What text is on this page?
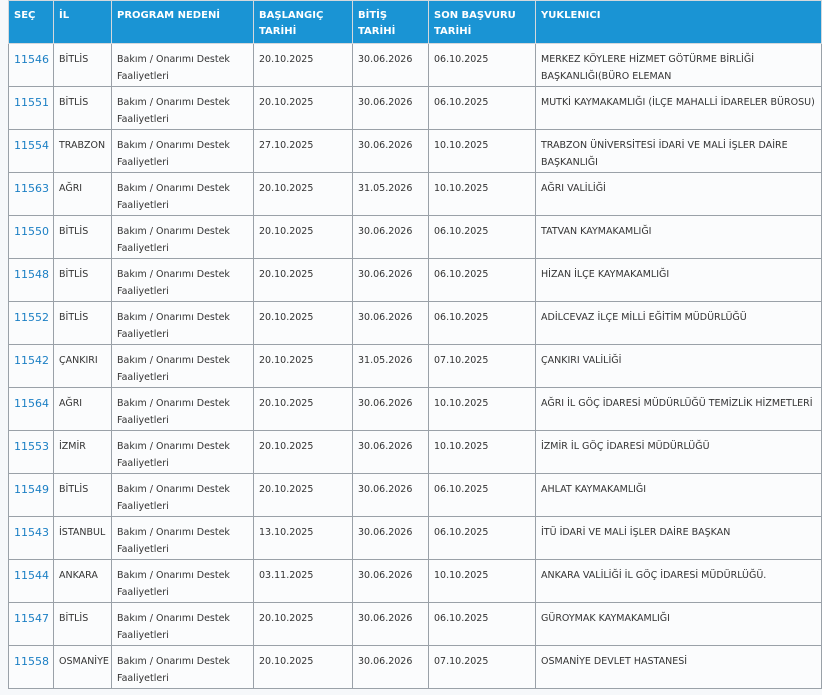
SEÇ	İL	PROGRAM NEDENİ	BAŞLANGIÇ TARİHİ	BİTİŞ TARİHİ	SON BAŞVURU TARİHİ	YUKLENICI
11546	BİTLİS	Bakım / Onarımı Destek Faaliyetleri	20.10.2025	30.06.2026	06.10.2025	MERKEZ KÖYLERE HİZMET GÖTÜRME BİRLİĞİ BAŞKANLIĞI(BÜRO ELEMAN
11551	BİTLİS	Bakım / Onarımı Destek Faaliyetleri	20.10.2025	30.06.2026	06.10.2025	MUTKİ KAYMAKAMLIĞI (İLÇE MAHALLİ İDARELER BÜROSU)
11554	TRABZON	Bakım / Onarımı Destek Faaliyetleri	27.10.2025	30.06.2026	10.10.2025	TRABZON ÜNİVERSİTESİ İDARİ VE MALİ İŞLER DAİRE BAŞKANLIĞI
11563	AĞRI	Bakım / Onarımı Destek Faaliyetleri	20.10.2025	31.05.2026	10.10.2025	AĞRI VALİLİĞİ
11550	BİTLİS	Bakım / Onarımı Destek Faaliyetleri	20.10.2025	30.06.2026	06.10.2025	TATVAN KAYMAKAMLIĞI
11548	BİTLİS	Bakım / Onarımı Destek Faaliyetleri	20.10.2025	30.06.2026	06.10.2025	HİZAN İLÇE KAYMAKAMLIĞI
11552	BİTLİS	Bakım / Onarımı Destek Faaliyetleri	20.10.2025	30.06.2026	06.10.2025	ADİLCEVAZ İLÇE MİLLİ EĞİTİM MÜDÜRLÜĞÜ
11542	ÇANKIRI	Bakım / Onarımı Destek Faaliyetleri	20.10.2025	31.05.2026	07.10.2025	ÇANKIRI VALİLİĞİ
11564	AĞRI	Bakım / Onarımı Destek Faaliyetleri	20.10.2025	30.06.2026	10.10.2025	AĞRI İL GÖÇ İDARESİ MÜDÜRLÜĞÜ TEMİZLİK HİZMETLERİ
11553	İZMİR	Bakım / Onarımı Destek Faaliyetleri	20.10.2025	30.06.2026	10.10.2025	İZMİR İL GÖÇ İDARESİ MÜDÜRLÜĞÜ
11549	BİTLİS	Bakım / Onarımı Destek Faaliyetleri	20.10.2025	30.06.2026	06.10.2025	AHLAT KAYMAKAMLIĞI
11543	İSTANBUL	Bakım / Onarımı Destek Faaliyetleri	13.10.2025	30.06.2026	06.10.2025	İTÜ İDARİ VE MALİ İŞLER DAİRE BAŞKAN
11544	ANKARA	Bakım / Onarımı Destek Faaliyetleri	03.11.2025	30.06.2026	10.10.2025	ANKARA VALİLİĞİ İL GÖÇ İDARESİ MÜDÜRLÜĞÜ.
11547	BİTLİS	Bakım / Onarımı Destek Faaliyetleri	20.10.2025	30.06.2026	06.10.2025	GÜROYMAK KAYMAKAMLIĞI
11558	OSMANİYE	Bakım / Onarımı Destek Faaliyetleri	20.10.2025	30.06.2026	07.10.2025	OSMANİYE DEVLET HASTANESİ
